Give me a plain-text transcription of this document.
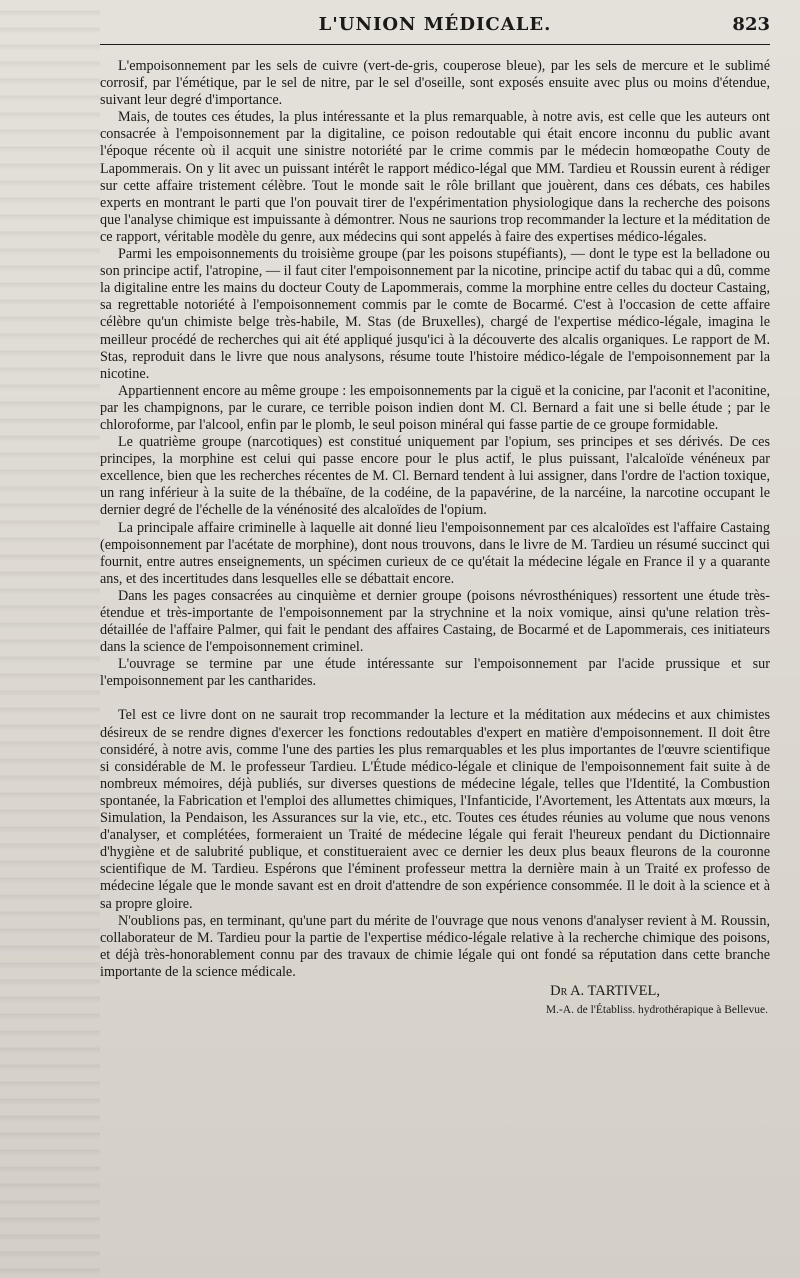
L'UNION MÉDICALE.	823

L'empoisonnement par les sels de cuivre (vert-de-gris, couperose bleue), par les sels de mercure et le sublimé corrosif, par l'émétique, par le sel de nitre, par le sel d'oseille, sont exposés ensuite avec plus ou moins d'étendue, suivant leur degré d'importance.

Mais, de toutes ces études, la plus intéressante et la plus remarquable, à notre avis, est celle que les auteurs ont consacrée à l'empoisonnement par la digitaline, ce poison redoutable qui était encore inconnu du public avant l'époque récente où il acquit une sinistre notoriété par le crime commis par le médecin homœopathe Couty de Lapommerais. On y lit avec un puissant intérêt le rapport médico-légal que MM. Tardieu et Roussin eurent à rédiger sur cette affaire tristement célèbre. Tout le monde sait le rôle brillant que jouèrent, dans ces débats, ces habiles experts en montrant le parti que l'on pouvait tirer de l'expérimentation physiologique dans la recherche des poisons que l'analyse chimique est impuissante à démontrer. Nous ne saurions trop recommander la lecture et la méditation de ce rapport, véritable modèle du genre, aux médecins qui sont appelés à faire des expertises médico-légales.

Parmi les empoisonnements du troisième groupe (par les poisons stupéfiants), — dont le type est la belladone ou son principe actif, l'atropine, — il faut citer l'empoisonnement par la nicotine, principe actif du tabac qui a dû, comme la digitaline entre les mains du docteur Couty de Lapommerais, comme la morphine entre celles du docteur Castaing, sa regrettable notoriété à l'empoisonnement commis par le comte de Bocarmé. C'est à l'occasion de cette affaire célèbre qu'un chimiste belge très-habile, M. Stas (de Bruxelles), chargé de l'expertise médico-légale, imagina le meilleur procédé de recherches qui ait été appliqué jusqu'ici à la découverte des alcalis organiques. Le rapport de M. Stas, reproduit dans le livre que nous analysons, résume toute l'histoire médico-légale de l'empoisonnement par la nicotine.

Appartiennent encore au même groupe : les empoisonnements par la ciguë et la conicine, par l'aconit et l'aconitine, par les champignons, par le curare, ce terrible poison indien dont M. Cl. Bernard a fait une si belle étude ; par le chloroforme, par l'alcool, enfin par le plomb, le seul poison minéral qui fasse partie de ce groupe formidable.

Le quatrième groupe (narcotiques) est constitué uniquement par l'opium, ses principes et ses dérivés. De ces principes, la morphine est celui qui passe encore pour le plus actif, le plus puissant, l'alcaloïde vénéneux par excellence, bien que les recherches récentes de M. Cl. Bernard tendent à lui assigner, dans l'ordre de l'action toxique, un rang inférieur à la suite de la thébaïne, de la codéine, de la papavérine, de la narcéine, la narcotine occupant le dernier degré de l'échelle de la vénénosité des alcaloïdes de l'opium.

La principale affaire criminelle à laquelle ait donné lieu l'empoisonnement par ces alcaloïdes est l'affaire Castaing (empoisonnement par l'acétate de morphine), dont nous trouvons, dans le livre de M. Tardieu un résumé succinct qui fournit, entre autres enseignements, un spécimen curieux de ce qu'était la médecine légale en France il y a quarante ans, et des incertitudes dans lesquelles elle se débattait encore.

Dans les pages consacrées au cinquième et dernier groupe (poisons névrosthéniques) ressortent une étude très-étendue et très-importante de l'empoisonnement par la strychnine et la noix vomique, ainsi qu'une relation très-détaillée de l'affaire Palmer, qui fait le pendant des affaires Castaing, de Bocarmé et de Lapommerais, ces initiateurs dans la science de l'empoisonnement criminel.

L'ouvrage se termine par une étude intéressante sur l'empoisonnement par l'acide prussique et sur l'empoisonnement par les cantharides.

Tel est ce livre dont on ne saurait trop recommander la lecture et la méditation aux médecins et aux chimistes désireux de se rendre dignes d'exercer les fonctions redoutables d'expert en matière d'empoisonnement. Il doit être considéré, à notre avis, comme l'une des parties les plus remarquables et les plus importantes de l'œuvre scientifique si considérable de M. le professeur Tardieu. L'Étude médico-légale et clinique de l'empoisonnement fait suite à de nombreux mémoires, déjà publiés, sur diverses questions de médecine légale, telles que l'Identité, la Combustion spontanée, la Fabrication et l'emploi des allumettes chimiques, l'Infanticide, l'Avortement, les Attentats aux mœurs, la Simulation, la Pendaison, les Assurances sur la vie, etc., etc. Toutes ces études réunies au volume que nous venons d'analyser, et complétées, formeraient un Traité de médecine légale qui ferait l'heureux pendant du Dictionnaire d'hygiène et de salubrité publique, et constitueraient avec ce dernier les deux plus beaux fleurons de la couronne scientifique de M. Tardieu. Espérons que l'éminent professeur mettra la dernière main à un Traité ex professo de médecine légale que le monde savant est en droit d'attendre de son expérience consommée. Il le doit à la science et à sa propre gloire.

N'oublions pas, en terminant, qu'une part du mérite de l'ouvrage que nous venons d'analyser revient à M. Roussin, collaborateur de M. Tardieu pour la partie de l'expertise médico-légale relative à la recherche chimique des poisons, et déjà très-honorablement connu par des travaux de chimie légale qui ont fondé sa réputation dans cette branche importante de la science médicale.

Dr A. TARTIVEL,
M.-A. de l'Établiss. hydrothérapique à Bellevue.
